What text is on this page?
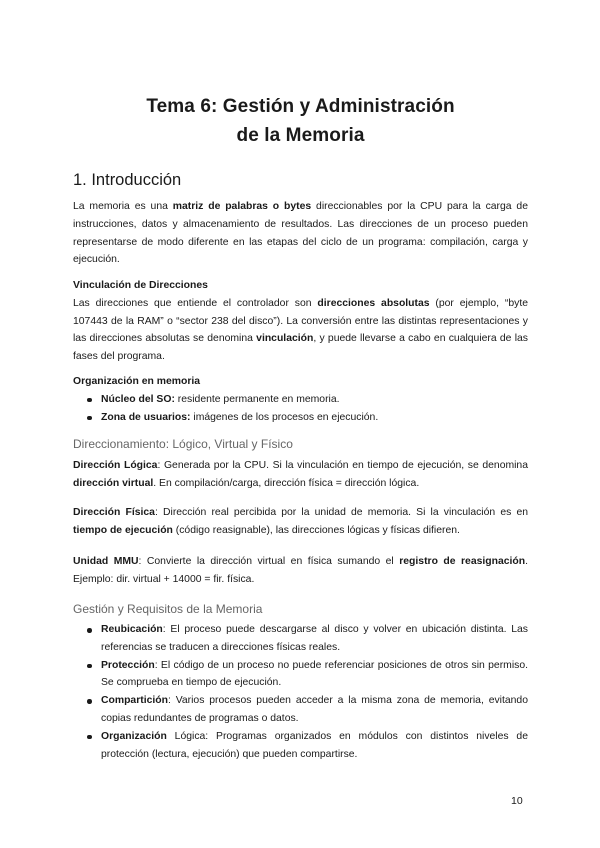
Tema 6: Gestión y Administración
de la Memoria
1. Introducción

La memoria es una matriz de palabras o bytes direccionables por la CPU para la carga de instrucciones, datos y almacenamiento de resultados. Las direcciones de un proceso pueden representarse de modo diferente en las etapas del ciclo de un programa: compilación, carga y ejecución.

Vinculación de Direcciones

Las direcciones que entiende el controlador son direcciones absolutas (por ejemplo, “byte 107443 de la RAM” o “sector 238 del disco”). La conversión entre las distintas representaciones y las direcciones absolutas se denomina vinculación, y puede llevarse a cabo en cualquiera de las fases del programa.

Organización en memoria
Núcleo del SO: residente permanente en memoria.
Zona de usuarios: imágenes de los procesos en ejecución.
Direccionamiento: Lógico, Virtual y Físico

Dirección Lógica: Generada por la CPU. Si la vinculación en tiempo de ejecución, se denomina dirección virtual. En compilación/carga, dirección física = dirección lógica.

Dirección Física: Dirección real percibida por la unidad de memoria. Si la vinculación es en tiempo de ejecución (código reasignable), las direcciones lógicas y físicas difieren.

Unidad MMU: Convierte la dirección virtual en física sumando el registro de reasignación. Ejemplo: dir. virtual + 14000 = fir. física.

Gestión y Requisitos de la Memoria
Reubicación: El proceso puede descargarse al disco y volver en ubicación distinta. Las referencias se traducen a direcciones físicas reales.
Protección: El código de un proceso no puede referenciar posiciones de otros sin permiso. Se comprueba en tiempo de ejecución.
Compartición: Varios procesos pueden acceder a la misma zona de memoria, evitando copias redundantes de programas o datos.
Organización Lógica: Programas organizados en módulos con distintos niveles de protección (lectura, ejecución) que pueden compartirse.
10
